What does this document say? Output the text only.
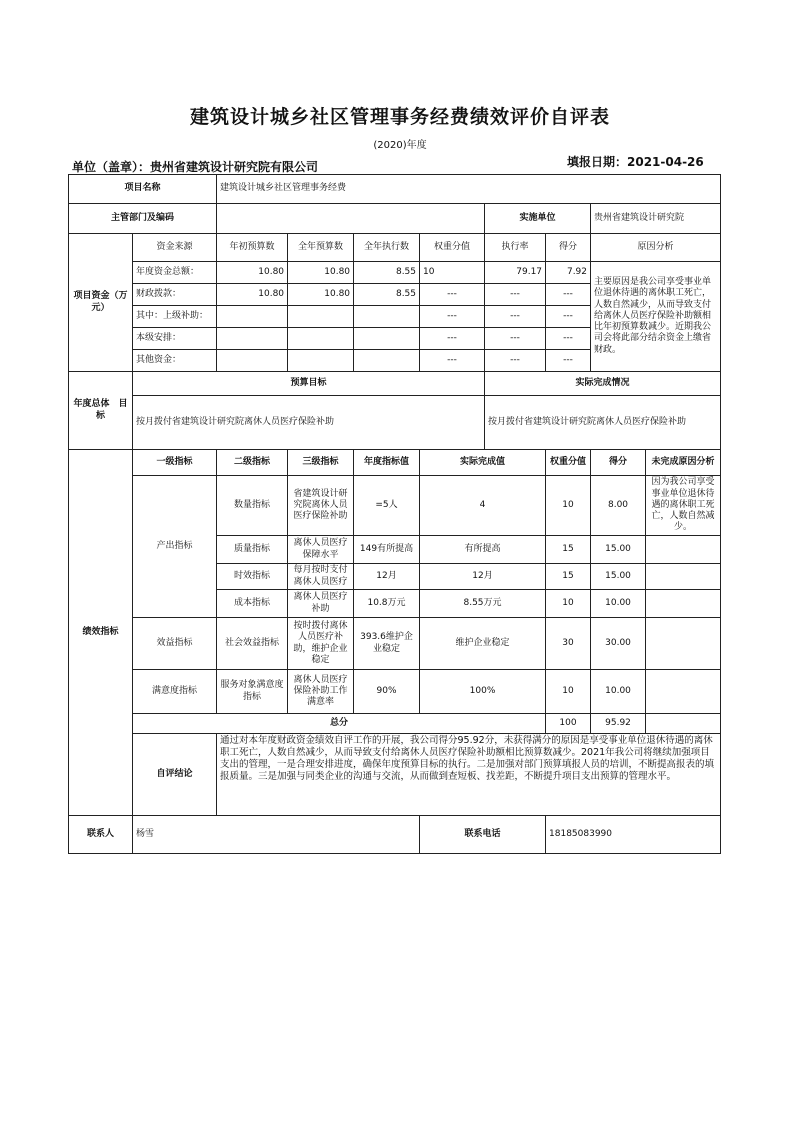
建筑设计城乡社区管理事务经费绩效评价自评表
(2020)年度
单位（盖章）：贵州省建筑设计研究院有限公司	填报日期：2021-04-26
项目名称		建筑设计城乡社区管理事务经费							
主管部门及编码						实施单位		贵州省建筑设计研究院	
项目资金（万元）	资金来源	年初预算数	全年预算数	全年执行数	权重分值	执行率	得分	原因分析	
	年度资金总额：	10.80	10.80	8.55	10	79.17	7.92	主要原因是我公司享受事业单位退休待遇的离休职工死亡，人数自然减少，从而导致支付给离休人员医疗保险补助额相比年初预算数减少。近期我公司会将此部分结余资金上缴省财政。	
	财政拨款：	10.80	10.80	8.55	---	---	---		
	其中：上级补助：				---	---	---		
	本级安排：				---	---	---		
	其他资金：				---	---	---		
年度总体　目标	预算目标					实际完成情况			
	按月拨付省建筑设计研究院离休人员医疗保险补助					按月拨付省建筑设计研究院离休人员医疗保险补助			
绩效指标	一级指标	二级指标	三级指标	年度指标值	实际完成值		权重分值	得分	未完成原因分析
	产出指标	数量指标	省建筑设计研究院离休人员医疗保险补助	=5人	4		10	8.00	因为我公司享受事业单位退休待遇的离休职工死亡，人数自然减少。
		质量指标	离休人员医疗保障水平	149有所提高	有所提高		15	15.00	
		时效指标	每月按时支付离休人员医疗	12月	12月		15	15.00	
		成本指标	离休人员医疗补助	10.8万元	8.55万元		10	10.00	
	效益指标	社会效益指标	按时拨付离休人员医疗补助，维护企业稳定	393.6维护企业稳定	维护企业稳定		30	30.00	
	满意度指标	服务对象满意度指标	离休人员医疗保险补助工作满意率	90%	100%		10	10.00	
	总分						100	95.92	
	自评结论	通过对本年度财政资金绩效自评工作的开展，我公司得分95.92分，未获得满分的原因是享受事业单位退休待遇的离休职工死亡，人数自然减少，从而导致支付给离休人员医疗保险补助额相比预算数减少。2021年我公司将继续加强项目支出的管理，一是合理安排进度，确保年度预算目标的执行。二是加强对部门预算填报人员的培训，不断提高报表的填报质量。三是加强与同类企业的沟通与交流，从而做到查短板、找差距，不断提升项目支出预算的管理水平。							
联系人	杨雪				联系电话		18185083990		
